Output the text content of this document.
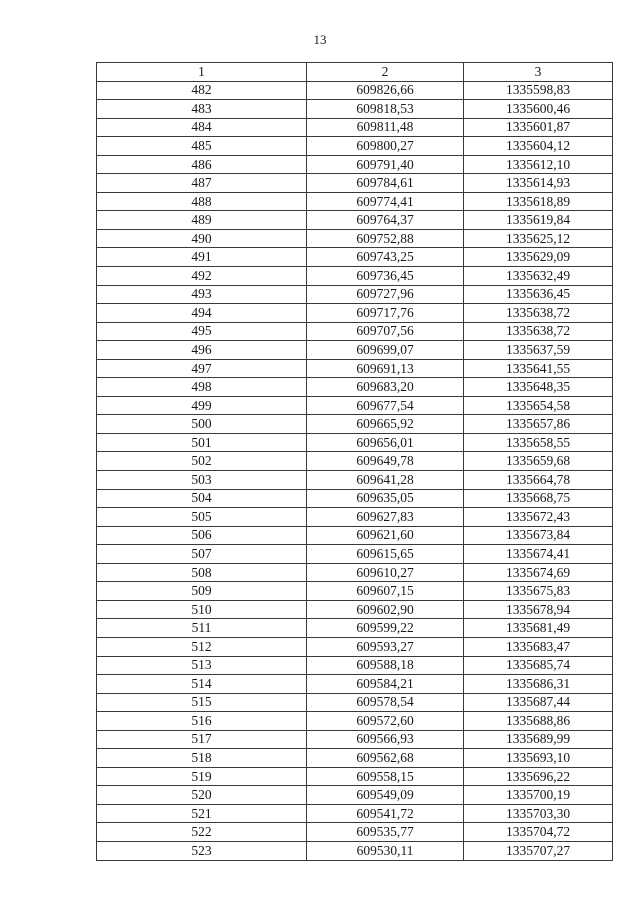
13
1	2	3
482	609826,66	1335598,83
483	609818,53	1335600,46
484	609811,48	1335601,87
485	609800,27	1335604,12
486	609791,40	1335612,10
487	609784,61	1335614,93
488	609774,41	1335618,89
489	609764,37	1335619,84
490	609752,88	1335625,12
491	609743,25	1335629,09
492	609736,45	1335632,49
493	609727,96	1335636,45
494	609717,76	1335638,72
495	609707,56	1335638,72
496	609699,07	1335637,59
497	609691,13	1335641,55
498	609683,20	1335648,35
499	609677,54	1335654,58
500	609665,92	1335657,86
501	609656,01	1335658,55
502	609649,78	1335659,68
503	609641,28	1335664,78
504	609635,05	1335668,75
505	609627,83	1335672,43
506	609621,60	1335673,84
507	609615,65	1335674,41
508	609610,27	1335674,69
509	609607,15	1335675,83
510	609602,90	1335678,94
511	609599,22	1335681,49
512	609593,27	1335683,47
513	609588,18	1335685,74
514	609584,21	1335686,31
515	609578,54	1335687,44
516	609572,60	1335688,86
517	609566,93	1335689,99
518	609562,68	1335693,10
519	609558,15	1335696,22
520	609549,09	1335700,19
521	609541,72	1335703,30
522	609535,77	1335704,72
523	609530,11	1335707,27
